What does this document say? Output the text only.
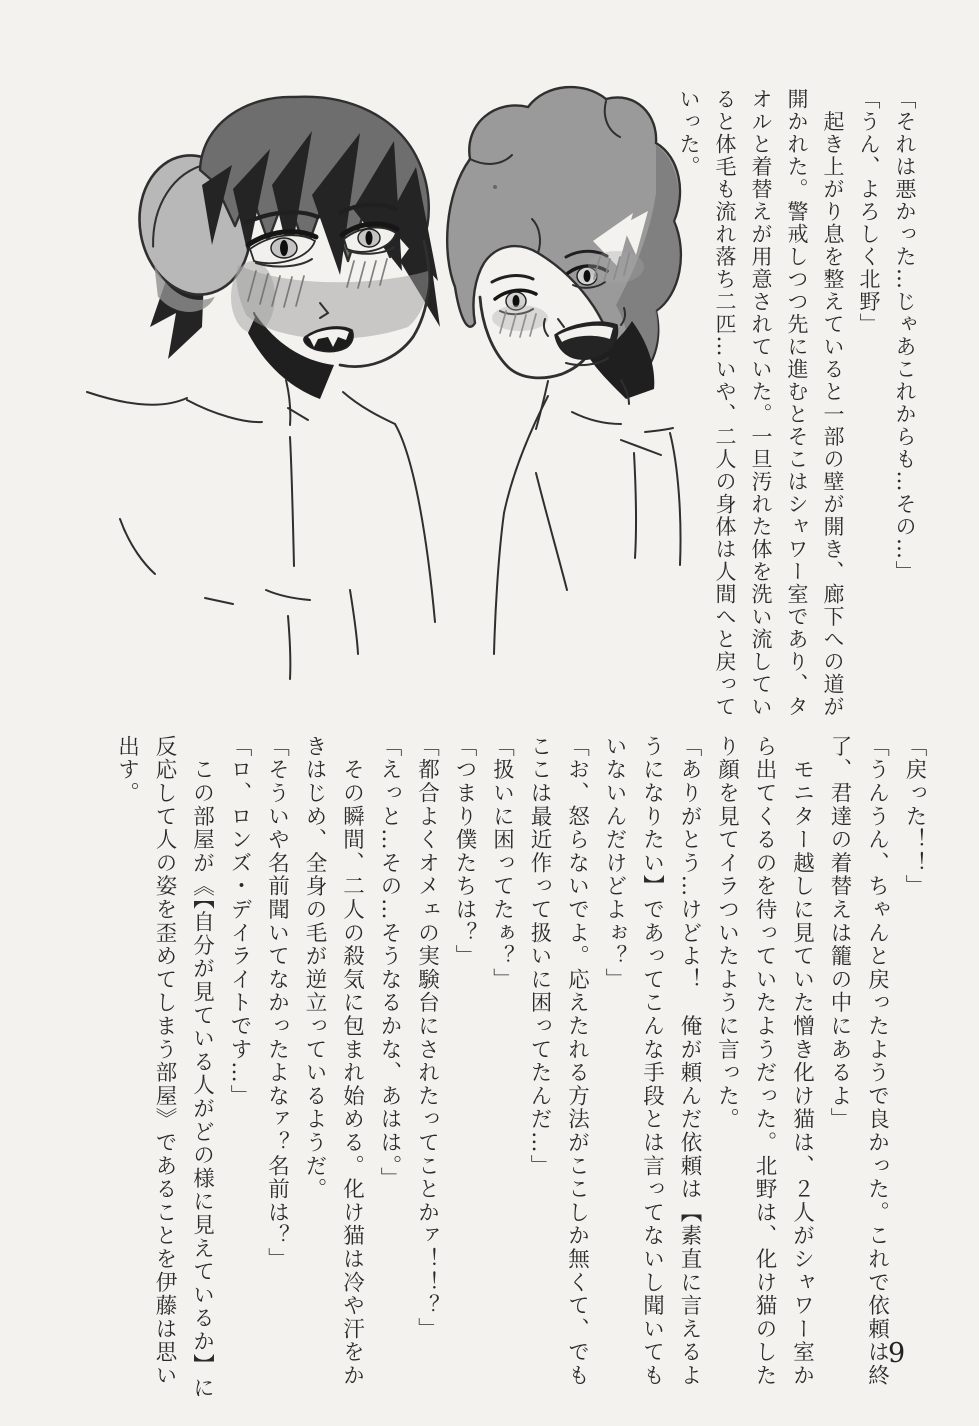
「それは悪かった…じゃあこれからも…その…」
「うん、よろしく北野」
　起き上がり息を整えていると一部の壁が開き、廊下への道が
開かれた。警戒しつつ先に進むとそこはシャワー室であり、タ
オルと着替えが用意されていた。一旦汚れた体を洗い流してい
ると体毛も流れ落ち二匹…いや、二人の身体は人間へと戻って
いった。
「戻った！！」
「うんうん、ちゃんと戻ったようで良かった。これで依頼は終
了、君達の着替えは籠の中にあるよ」
　モニター越しに見ていた憎き化け猫は、２人がシャワー室か
ら出てくるのを待っていたようだった。北野は、化け猫のした
り顔を見てイラついたように言った。
「ありがとう…けどよ！　俺が頼んだ依頼は【素直に言えるよ
うになりたい】であってこんな手段とは言ってないし聞いても
いないんだけどよぉ？」
「お、怒らないでよ。応えたれる方法がここしか無くて、でも
ここは最近作って扱いに困ってたんだ…」
「扱いに困ってたぁ？」
「つまり僕たちは？」
「都合よくオメェの実験台にされたってことかァ！！？」
「えっと…その…そうなるかな、あはは。」
　その瞬間、二人の殺気に包まれ始める。化け猫は冷や汗をか
きはじめ、全身の毛が逆立っているようだ。
「そういや名前聞いてなかったよなァ？名前は？」
「ロ、ロンズ・デイライトです…」
　この部屋が《【自分が見ている人がどの様に見えているか】に
反応して人の姿を歪めてしまう部屋》であることを伊藤は思い
出す。
9
